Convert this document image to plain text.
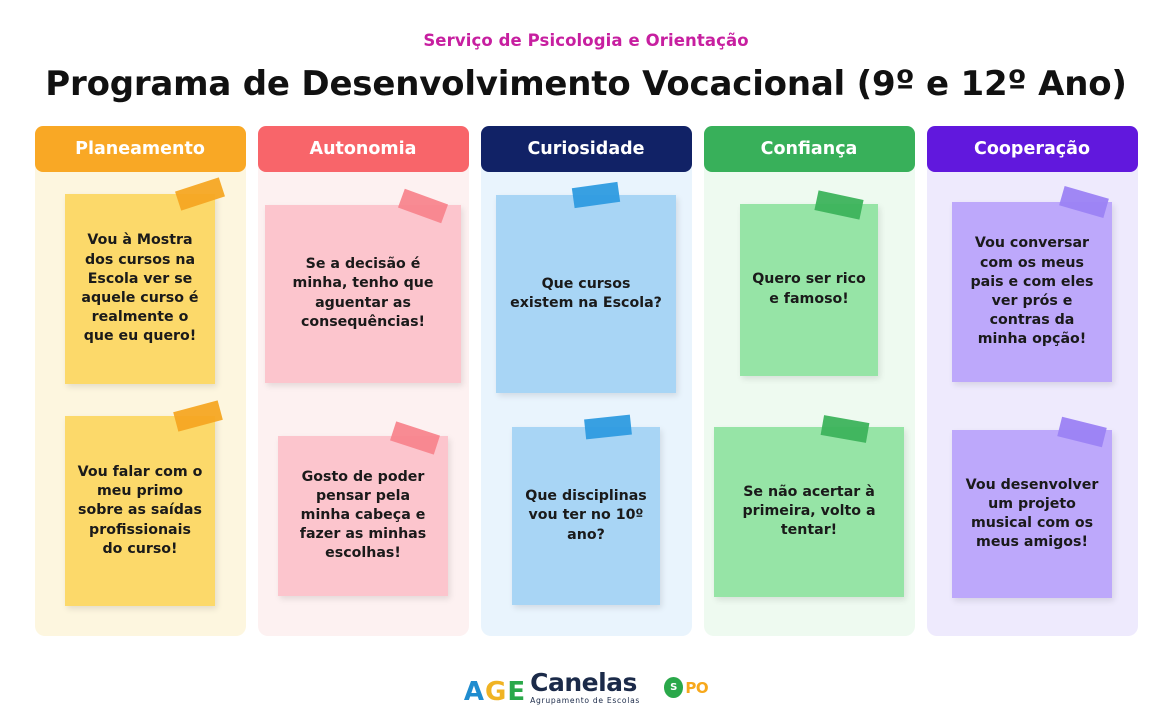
Serviço de Psicologia e Orientação
Programa de Desenvolvimento Vocacional (9º e 12º Ano)
Planeamento
Vou à Mostra dos cursos na Escola ver se aquele curso é realmente o que eu quero!
Vou falar com o meu primo sobre as saídas profissionais do curso!
Autonomia
Se a decisão é minha, tenho que aguentar as consequências!
Gosto de poder pensar pela minha cabeça e fazer as minhas escolhas!
Curiosidade
Que cursos existem na Escola?
Que disciplinas vou ter no 10º ano?
Confiança
Quero ser rico e famoso!
Se não acertar à primeira, volto a tentar!
Cooperação
Vou conversar com os meus pais e com eles ver prós e contras da minha opção!
Vou desenvolver um projeto musical com os meus amigos!
A G E Canelas
Agrupamento de Escolas
S PO
